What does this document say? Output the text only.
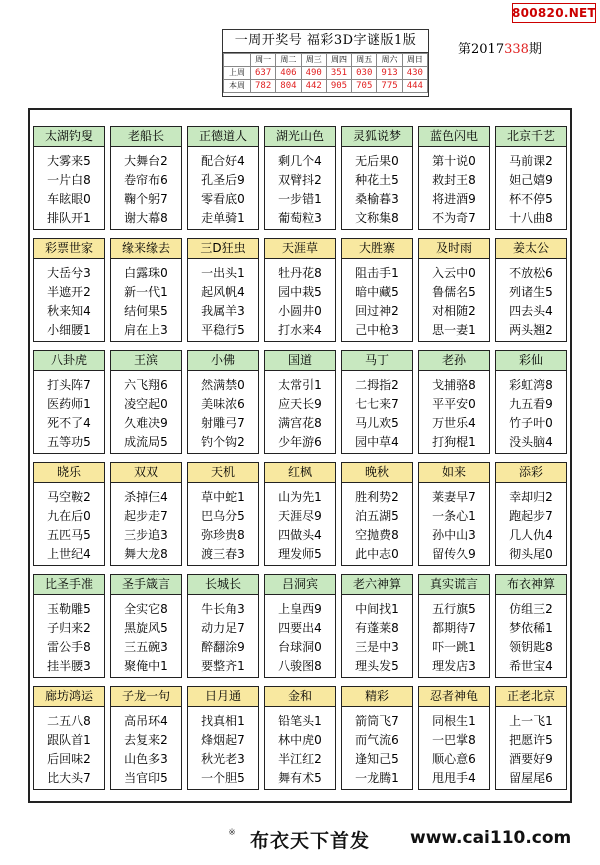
800820.NET
一周开奖号 福彩3D字谜版1版
	周一	周二	周三	周四	周五	周六	周日
上周	637	406	490	351	030	913	430
本周	782	804	442	905	705	775	444
第2017338期
太湖钓叟
大雾来5
一片白8
车眩眼0
排队开1
老船长
大舞台2
卷帘布6
鞠个躬7
谢大幕8
正德道人
配合好4
孔圣后9
零看底0
走单骑1
湖光山色
剩几个4
双臂抖2
一步错1
葡萄粒3
灵狐说梦
无后果0
种花土5
桑榆暮3
文称集8
蓝色闪电
第十说0
救封王8
将进酒9
不为奇7
北京千艺
马前课2
妲己嬉9
杯不停5
十八曲8
彩票世家
大岳兮3
半遮开2
秋来知4
小细腰1
缘来缘去
白露珠0
新一代1
结何果5
肩在上3
三D狂虫
一出头1
起风帆4
我属羊3
平稳行5
天涯草
牡丹花8
园中栽5
小圆井0
打水来4
大胜寨
阻击手1
暗中藏5
回过神2
己中枪3
及时雨
入云中0
鲁儒名5
对相随2
思一妻1
姜太公
不放松6
列诸生5
四去头4
两头翘2
八卦虎
打头阵7
医药师1
死不了4
五等功5
王滨
六飞翔6
凌空起0
久难决9
成流局5
小佛
然满禁0
美味浓6
射雕弓7
钓个钩2
国道
太常引1
应天长9
满宫花8
少年游6
马丁
二拇指2
七七来7
马儿欢5
园中草4
老孙
戈捕骆8
平平安0
万世乐4
打狗棍1
彩仙
彩虹湾8
九五看9
竹子叶0
没头脑4
晓乐
马空鞍2
九在后0
五匹马5
上世纪4
双双
杀掉仨4
起步走7
三步追3
舞大龙8
天机
草中蛇1
巴乌分5
弥珍贵8
渡三春3
红枫
山为先1
天涯尽9
四做头4
理发师5
晚秋
胜利势2
泊五湖5
空抛费8
此中志0
如来
莱妻早7
一条心1
孙中山3
留传久9
添彩
幸却归2
跑起步7
几人仇4
彻头尾0
比圣手准
玉勒雕5
子归来2
雷公手8
挂半腰3
圣手箴言
全实它8
黑旋风5
三五碗3
聚俺中1
长城长
牛长角3
动力足7
醉翻涂9
要整齐1
吕洞宾
上皇西9
四要出4
台球洞0
八骏图8
老六神算
中间找1
有蓬莱8
三是中3
理头发5
真实谎言
五行旗5
都期待7
吓一跳1
理发店3
布衣神算
仿组三2
梦依稀1
领钥匙8
希世宝4
廊坊鸿运
二五八8
跟队首1
后回味2
比大头7
子龙一句
高吊环4
去复来2
山色多3
当官印5
日月通
找真相1
烽烟起7
秋光老3
一个胆5
金和
铅笔头1
林中虎0
半江红2
舞有术5
精彩
箭筒飞7
而气流6
逢知己5
一龙腾1
忍者神龟
同根生1
一巴掌8
顺心意6
甩甩手4
正老北京
上一飞1
把愿许5
酒要好9
留屋尾6
※ 布衣天下首发 www.cai110.com
